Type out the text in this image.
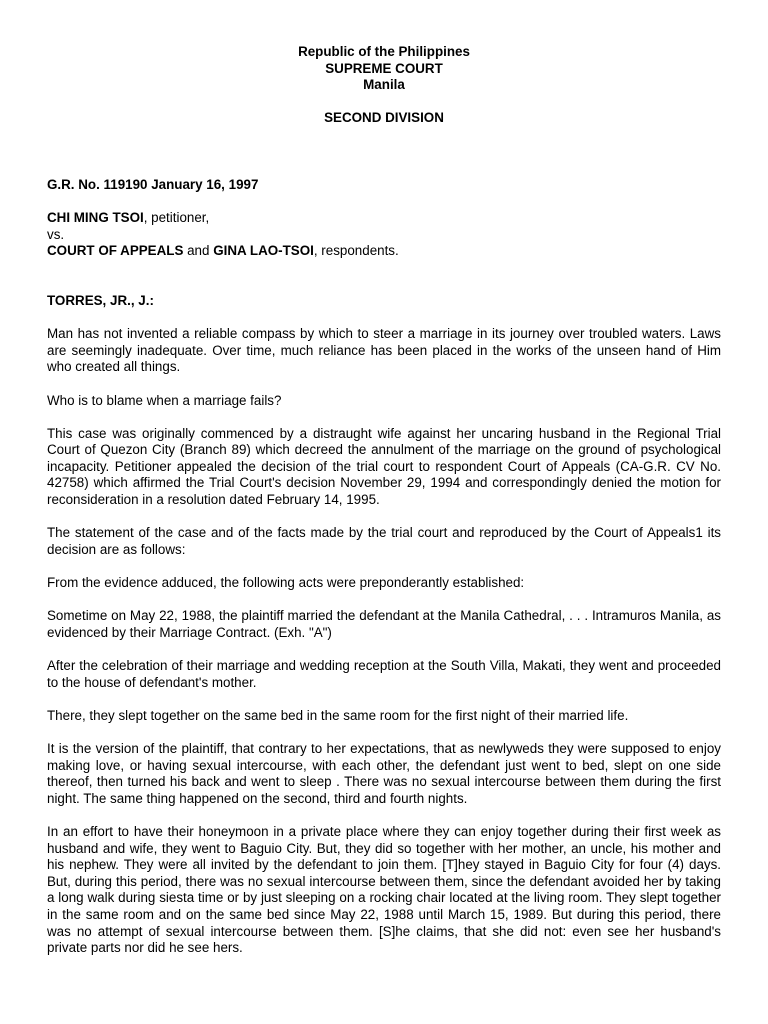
Republic of the Philippines
SUPREME COURT
Manila
SECOND DIVISION
G.R. No. 119190 January 16, 1997
CHI MING TSOI, petitioner,
vs.
COURT OF APPEALS and GINA LAO-TSOI, respondents.
TORRES, JR., J.:

Man has not invented a reliable compass by which to steer a marriage in its journey over troubled waters. Laws are seemingly inadequate. Over time, much reliance has been placed in the works of the unseen hand of Him who created all things.

Who is to blame when a marriage fails?

This case was originally commenced by a distraught wife against her uncaring husband in the Regional Trial Court of Quezon City (Branch 89) which decreed the annulment of the marriage on the ground of psychological incapacity. Petitioner appealed the decision of the trial court to respondent Court of Appeals (CA-G.R. CV No. 42758) which affirmed the Trial Court's decision November 29, 1994 and correspondingly denied the motion for reconsideration in a resolution dated February 14, 1995.

The statement of the case and of the facts made by the trial court and reproduced by the Court of Appeals1 its decision are as follows:

From the evidence adduced, the following acts were preponderantly established:

Sometime on May 22, 1988, the plaintiff married the defendant at the Manila Cathedral, . . . Intramuros Manila, as evidenced by their Marriage Contract. (Exh. "A")

After the celebration of their marriage and wedding reception at the South Villa, Makati, they went and proceeded to the house of defendant's mother.

There, they slept together on the same bed in the same room for the first night of their married life.

It is the version of the plaintiff, that contrary to her expectations, that as newlyweds they were supposed to enjoy making love, or having sexual intercourse, with each other, the defendant just went to bed, slept on one side thereof, then turned his back and went to sleep . There was no sexual intercourse between them during the first night. The same thing happened on the second, third and fourth nights.

In an effort to have their honeymoon in a private place where they can enjoy together during their first week as husband and wife, they went to Baguio City. But, they did so together with her mother, an uncle, his mother and his nephew. They were all invited by the defendant to join them. [T]hey stayed in Baguio City for four (4) days. But, during this period, there was no sexual intercourse between them, since the defendant avoided her by taking a long walk during siesta time or by just sleeping on a rocking chair located at the living room. They slept together in the same room and on the same bed since May 22, 1988 until March 15, 1989. But during this period, there was no attempt of sexual intercourse between them. [S]he claims, that she did not: even see her husband's private parts nor did he see hers.
